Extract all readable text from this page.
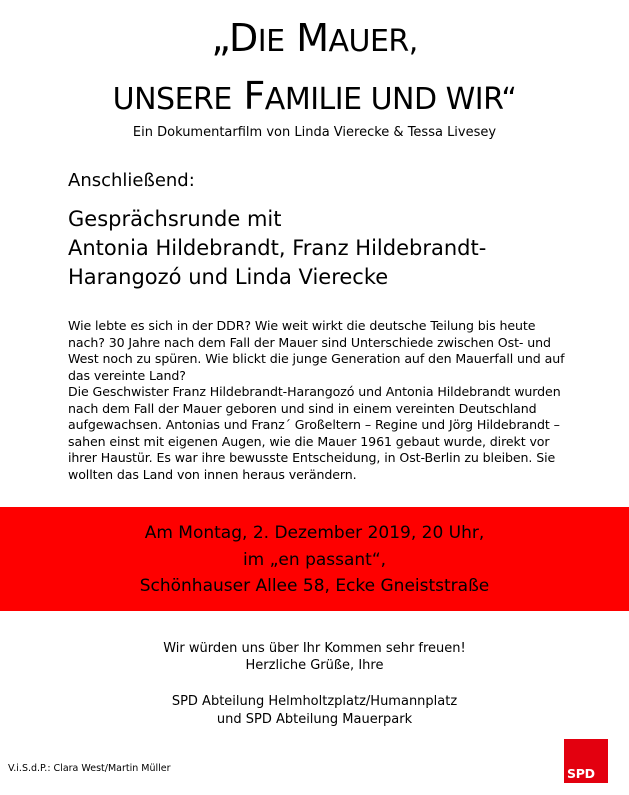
„DIE MAUER,
UNSERE FAMILIE UND WIR“
Ein Dokumentarfilm von Linda Vierecke & Tessa Livesey
Anschließend:
Gesprächsrunde mit
Antonia Hildebrandt, Franz Hildebrandt-
Harangozó und Linda Vierecke
Wie lebte es sich in der DDR? Wie weit wirkt die deutsche Teilung bis heute nach? 30 Jahre nach dem Fall der Mauer sind Unterschiede zwischen Ost- und West noch zu spüren. Wie blickt die junge Generation auf den Mauerfall und auf das vereinte Land?
Die Geschwister Franz Hildebrandt-Harangozó und Antonia Hildebrandt wurden nach dem Fall der Mauer geboren und sind in einem vereinten Deutschland aufgewachsen. Antonias und Franz´ Großeltern – Regine und Jörg Hildebrandt – sahen einst mit eigenen Augen, wie die Mauer 1961 gebaut wurde, direkt vor ihrer Haustür. Es war ihre bewusste Entscheidung, in Ost-Berlin zu bleiben. Sie wollten das Land von innen heraus verändern.
Am Montag, 2. Dezember 2019, 20 Uhr,
im „en passant“,
Schönhauser Allee 58, Ecke Gneiststraße
Wir würden uns über Ihr Kommen sehr freuen!
Herzliche Grüße, Ihre
SPD Abteilung Helmholtzplatz/Humannplatz
und SPD Abteilung Mauerpark
V.i.S.d.P.: Clara West/Martin Müller	SPD
